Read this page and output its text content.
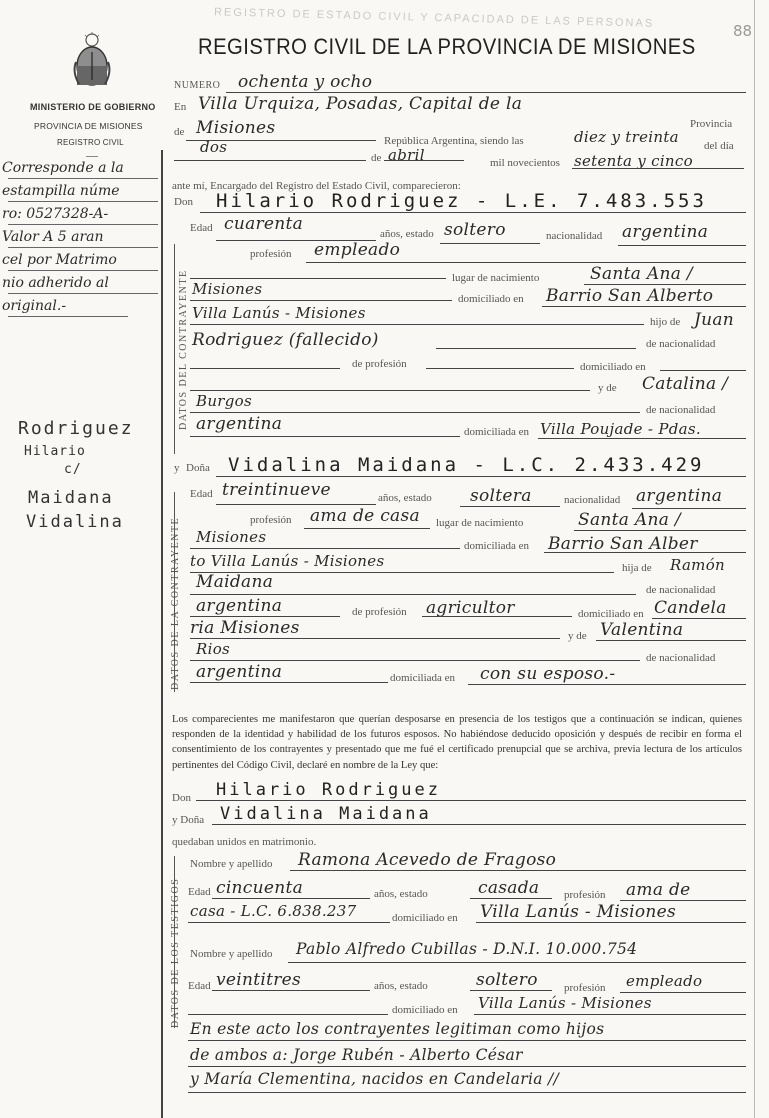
REGISTRO DE ESTADO CIVIL Y CAPACIDAD DE LAS PERSONAS
88
MINISTERIO DE GOBIERNO
PROVINCIA DE MISIONES
REGISTRO CIVIL
REGISTRO CIVIL DE LA PROVINCIA DE MISIONES
Corresponde a la
estampilla núme
ro: 0527328-A-
Valor A 5 aran
cel por Matrimo
nio adherido al
original.-
Rodriguez
Hilario
c/
Maidana
Vidalina
NUMERO ochenta y ocho
En Villa Urquiza, Posadas, Capital de la
Provincia
de Misiones
República Argentina, siendo las	diez y treinta del día
dos
de abril	mil novecientos setenta y cinco
ante mí, Encargado del Registro del Estado Civil, comparecieron:
DATOS DEL CONTRAYENTE
Don Hilario Rodriguez - L.E. 7.483.553
Edad cuarenta	años, estado soltero	nacionalidad argentina
profesión empleado
lugar de nacimiento	Santa Ana /
Misiones
domiciliado en Barrio San Alberto
Villa Lanús - Misiones	hijo de Juan
Rodriguez (fallecido)	de nacionalidad
de profesión	domiciliado en
y de Catalina /
Burgos	de nacionalidad
argentina	domiciliada en Villa Poujade - Pdas.
DATOS DE LA CONTRAYENTE
y Doña Vidalina Maidana - L.C. 2.433.429
Edad treintinueve	años, estado soltera	nacionalidad argentina
profesión ama de casa lugar de nacimiento	Santa Ana /
Misiones	domiciliada en Barrio San Alber
to Villa Lanús - Misiones	hija de Ramón
Maidana	de nacionalidad
argentina	de profesión agricultor	domiciliado en Candela
ria Misiones	y de Valentina
Rios	de nacionalidad
argentina	domiciliada en con su esposo.-
Los comparecientes me manifestaron que querían desposarse en presencia de los testigos que a continuación se indican, quienes responden de la identidad y habilidad de los futuros esposos. No habiéndose deducido oposición y después de recibir en forma el consentimiento de los contrayentes y presentado que me fué el certificado prenupcial que se archiva, previa lectura de los artículos pertinentes del Código Civil, declaré en nombre de la Ley que:
Don Hilario Rodriguez
y Doña Vidalina Maidana
quedaban unidos en matrimonio.
DATOS DE LOS TESTIGOS
Nombre y apellido Ramona Acevedo de Fragoso
Edad cincuenta	años, estado	casada profesión ama de
casa - L.C. 6.838.237	domiciliado en Villa Lanús - Misiones
Nombre y apellido Pablo Alfredo Cubillas - D.N.I. 10.000.754
Edad veintitres	años, estado	soltero profesión empleado
domiciliado en Villa Lanús - Misiones
En este acto los contrayentes legitiman como hijos
de ambos a: Jorge Rubén - Alberto César
y María Clementina, nacidos en Candelaria //
